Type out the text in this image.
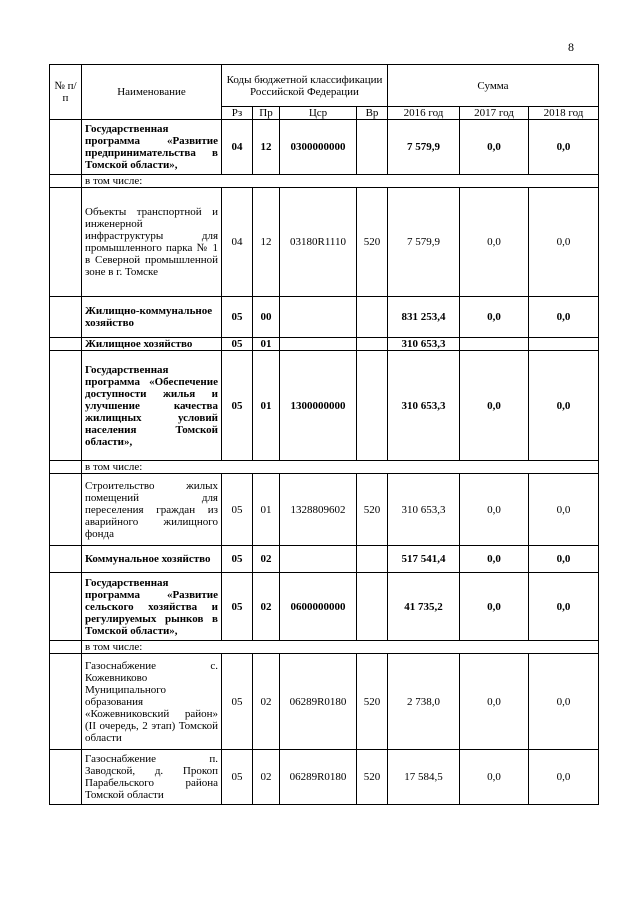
8
№ п/п	Наименование	Коды бюджетной классификации Российской Федерации				Сумма		
		Рз	Пр	Цср	Вр	2016 год	2017 год	2018 год
	Государственная программа «Развитие предпринимательства в Томской области»,	04	12	0300000000		7 579,9	0,0	0,0
	в том числе:							
	Объекты транспортной и инженерной инфраструктуры для промышленного парка № 1 в Северной промышленной зоне в г. Томске	04	12	03180R1110	520	7 579,9	0,0	0,0
	Жилищно-коммунальное хозяйство	05	00			831 253,4	0,0	0,0
	Жилищное хозяйство	05	01			310 653,3		
	Государственная программа «Обеспечение доступности жилья и улучшение качества жилищных условий населения Томской области»,	05	01	1300000000		310 653,3	0,0	0,0
	в том числе:							
	Строительство жилых помещений для переселения граждан из аварийного жилищного фонда	05	01	1328809602	520	310 653,3	0,0	0,0
	Коммунальное хозяйство	05	02			517 541,4	0,0	0,0
	Государственная программа «Развитие сельского хозяйства и регулируемых рынков в Томской области»,	05	02	0600000000		41 735,2	0,0	0,0
	в том числе:							
	Газоснабжение с. Кожевниково Муниципального образования «Кожевниковский район» (II очередь, 2 этап) Томской области	05	02	06289R0180	520	2 738,0	0,0	0,0
	Газоснабжение п. Заводской, д. Прокоп Парабельского района Томской области	05	02	06289R0180	520	17 584,5	0,0	0,0
